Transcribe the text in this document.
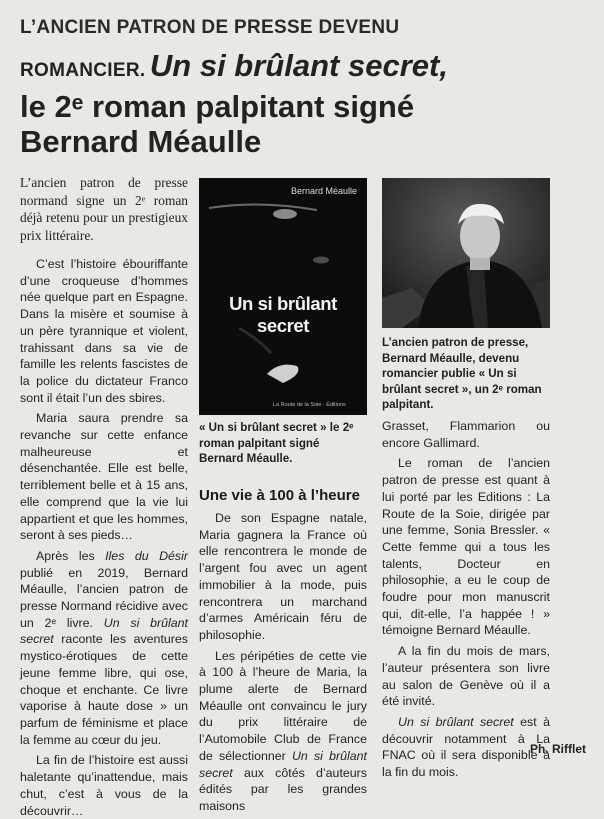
L’ANCIEN PATRON DE PRESSE DEVENU
ROMANCIER. Un si brûlant secret,
le 2ᵉ roman palpitant signé
Bernard Méaulle

L’ancien patron de presse normand signe un 2ᵉ roman déjà retenu pour un prestigieux prix littéraire.

C’est l’histoire ébouriffante d’une croqueuse d’hommes née quelque part en Espagne. Dans la misère et soumise à un père tyrannique et violent, trahissant dans sa vie de famille les relents fascistes de la police du dictateur Franco sont il était l’un des sbires.

Maria saura prendre sa revanche sur cette enfance malheureuse et désenchantée. Elle est belle, terriblement belle et à 15 ans, elle comprend que la vie lui appartient et que les hommes, seront à ses pieds…

Après les Iles du Désir publié en 2019, Bernard Méaulle, l’ancien patron de presse Normand récidive avec un 2ᵉ livre. Un si brûlant secret raconte les aventures mystico-érotiques de cette jeune femme libre, qui ose, choque et enchante. Ce livre vaporise à haute dose » un parfum de féminisme et place la femme au cœur du jeu.

La fin de l’histoire est aussi haletante qu’inattendue, mais chut, c’est à vous de la découvrir…

Bernard Méaulle
Un si brûlant secret
La Route de la Soie · Éditions
« Un si brûlant secret » le 2ᵉ roman palpitant signé Bernard Méaulle.
Une vie à 100 à l’heure

De son Espagne natale, Maria gagnera la France où elle rencontrera le monde de l’argent fou avec un agent immobilier à la mode, puis rencontrera un marchand d’armes Américain féru de philosophie.

Les péripéties de cette vie à 100 à l’heure de Maria, la plume alerte de Bernard Méaulle ont convaincu le jury du prix littéraire de l’Automobile Club de France de sélectionner Un si brûlant secret aux côtés d’auteurs édités par les grandes maisons

L’ancien patron de presse, Bernard Méaulle, devenu romancier publie « Un si brûlant secret », un 2ᵉ roman palpitant.

Grasset, Flammarion ou encore Gallimard.

Le roman de l’ancien patron de presse est quant à lui porté par les Editions : La Route de la Soie, dirigée par une femme, Sonia Bressler. « Cette femme qui a tous les talents, Docteur en philosophie, a eu le coup de foudre pour mon manuscrit qui, dit-elle, l’a happée ! » témoigne Bernard Méaulle.

A la fin du mois de mars, l’auteur présentera son livre au salon de Genève où il a été invité.

Un si brûlant secret est à découvrir notamment à La FNAC où il sera disponible à la fin du mois.

Ph. Rifflet
